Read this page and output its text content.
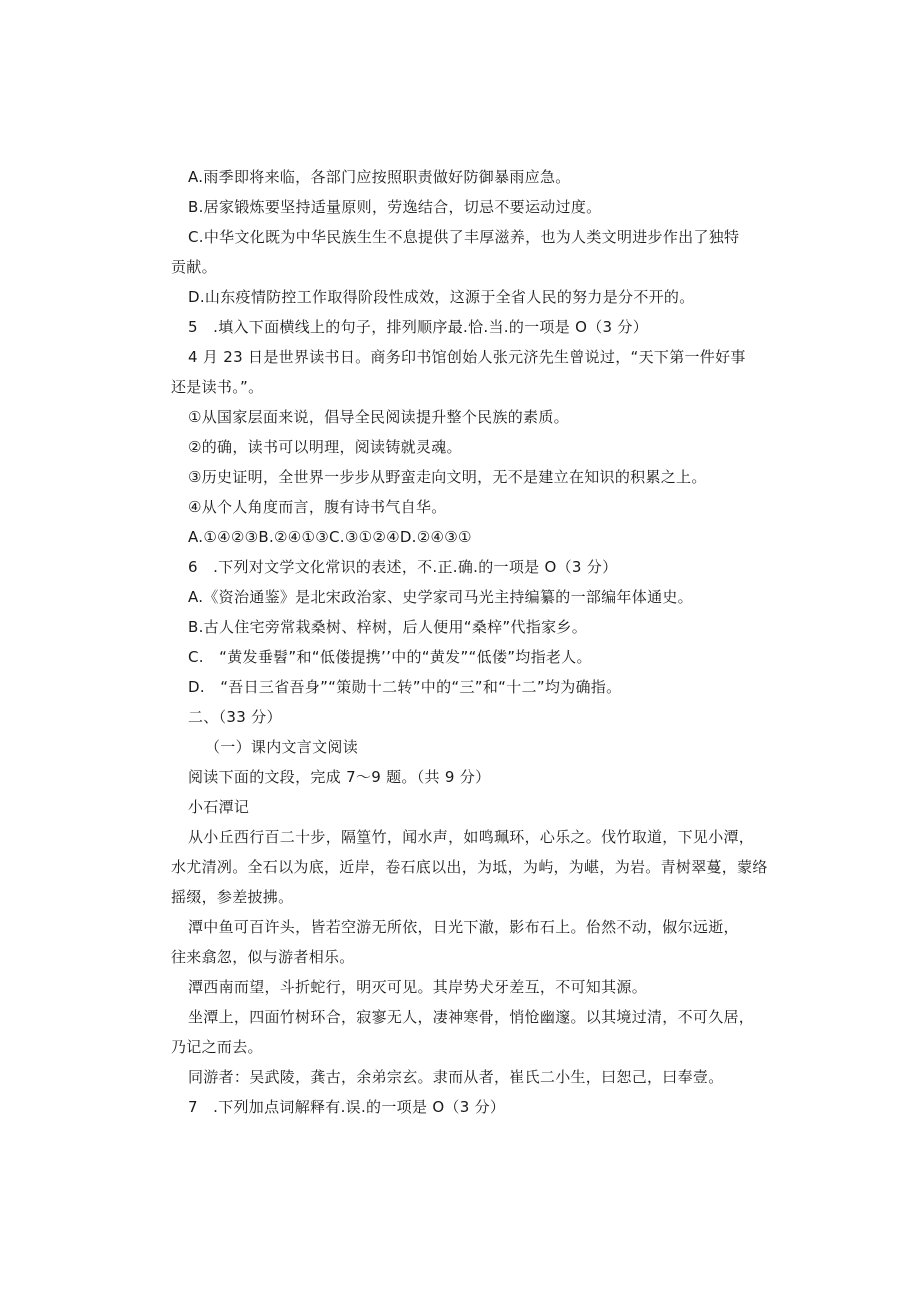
A.雨季即将来临，各部门应按照职责做好防御暴雨应急。
B.居家锻炼要坚持适量原则，劳逸结合，切忌不要运动过度。
C.中华文化既为中华民族生生不息提供了丰厚滋养，也为人类文明进步作出了独特
贡献。
D.山东疫情防控工作取得阶段性成效，这源于全省人民的努力是分不开的。
5 .填入下面横线上的句子，排列顺序最.恰.当.的一项是 O（3 分）
4 月 23 日是世界读书日。商务印书馆创始人张元济先生曾说过，“天下第一件好事
还是读书。”。
①从国家层面来说，倡导全民阅读提升整个民族的素质。
②的确，读书可以明理，阅读铸就灵魂。
③历史证明，全世界一步步从野蛮走向文明，无不是建立在知识的积累之上。
④从个人角度而言，腹有诗书气自华。
A.①④②③B.②④①③C.③①②④D.②④③①
6 .下列对文学文化常识的表述，不.正.确.的一项是 O（3 分）
A.《资治通鉴》是北宋政治家、史学家司马光主持编纂的一部编年体通史。
B.古人住宅旁常栽桑树、梓树，后人便用“桑梓”代指家乡。
C. “黄发垂髫”和“低偻提携’’中的“黄发”“低偻”均指老人。
D. “吾日三省吾身”“策勋十二转”中的“三”和“十二”均为确指。
二、（33 分）
（一）课内文言文阅读
阅读下面的文段，完成 7～9 题。（共 9 分）
小石潭记
从小丘西行百二十步，隔篁竹，闻水声，如鸣珮环，心乐之。伐竹取道，下见小潭，
水尤清冽。全石以为底，近岸，卷石底以出，为坻，为屿，为嵁，为岩。青树翠蔓，蒙络
摇缀，参差披拂。
潭中鱼可百许头，皆若空游无所依，日光下澈，影布石上。佁然不动，俶尔远逝，
往来翕忽，似与游者相乐。
潭西南而望，斗折蛇行，明灭可见。其岸势犬牙差互，不可知其源。
坐潭上，四面竹树环合，寂寥无人，凄神寒骨，悄怆幽邃。以其境过清，不可久居，
乃记之而去。
同游者：吴武陵，龚古，余弟宗玄。隶而从者，崔氏二小生，曰恕己，曰奉壹。
7 .下列加点词解释有.误.的一项是 O（3 分）
